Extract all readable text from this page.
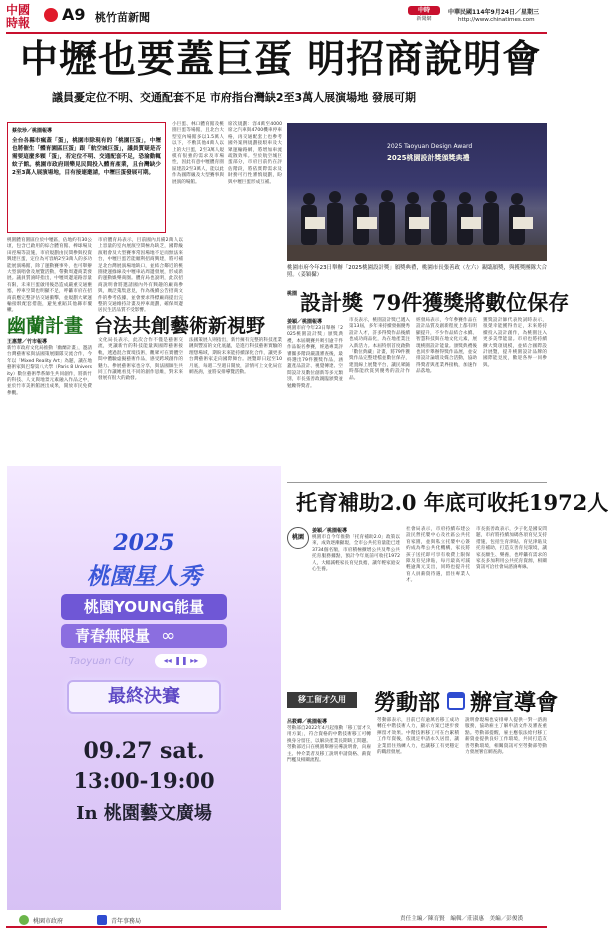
中國
時報	A9 桃竹苗新聞
中時
新聞網
中華民國114年9月24日／星期三
http://www.chinatimes.com
中壢也要蓋巨蛋 明招商說明會
議員憂定位不明、交通配套不足 市府指台灣缺2至3萬人展演場地 發展可期
蔡依珍／桃園報導
全台各縣市瘋蓋「蛋」，桃園市除現有的「桃園巨蛋」，中壢也將催生「體育園區巨蛋」跟「航空城巨蛋」，議員質疑是否需要這麼多顆「蛋」，若定位不明、交通配套不足，恐淪動輒蚊子館。桃園市政府則樂見民間投入體育產業，且台灣缺少2至3萬人展演場地，目有接連邀請，中壢巨蛋發展可期。
桃園體育園區位於中壢區，佔地約有30公頃，包含已啟用的綜合體育館、棒球場及田徑場等設施，市府規劃由民間參與投資興建巨蛋，定位為可容納2至3萬人的多功能展演場館，除了運動賽事外，也可舉辦大型演唱會及展覽活動，帶動周邊商業發展。議員質詢時指出，中壢周邊道路容量有限，未來巨蛋啟用後恐造成嚴重交通壅塞，停車空間也明顯不足，呼籲市府在招商前應完整評估交通衝擊，並規劃大眾運輸接駁配套措施，避免重蹈其他縣市覆轍。
市府體育局表示，目前國內具備2萬人以上容量的室內展演空間極為缺乏，國際級演唱會及大型賽事常因場地不足而無法來台，中壢巨蛋若能順利招商興建，將可補足北台灣展演場地缺口，並結合鄰近的桃園捷運綠線及中壢車站周邊發展，形成新的運動娛樂商圈。體育局也說明，此次招商說明會將邀請國內外有興趣的廠商參與，廣泛蒐集意見，作為後續公告招商文件的參考依據，並會要求得標廠商提出完整的交通維持計畫及停車規劃，確保周邊居民生活品質不受影響。
小巨蛋、林口體育館及桃園巨蛋等場館，且北台大型室內場館多以1.5萬人以下，不敷其他4萬人以上的大巨蛋，2至3萬人規模有很強的需求及市場性，因此有意中壢體育園區建設2至3萬人，能以此作為國際級及大型賽事與展演的場館。
席次規劃：容4萬至4000席之汽車與4700機車停車格，再交通配套上也參考國外案例規劃接駁車及大眾運輸路網，將增加車流疏散效率。至於航空城巨蛋部分，市府目前仍在評估階段，將依實際需求及財務可行性審慎規劃，盼與中壢巨蛋形成互補。
2025 Taoyuan Design Award
2025桃園設計獎頒獎典禮
桃園市府今年23日舉辦「2025桃園設計獎」頒獎典禮，桃園市長張善政（左六）親臨頒獎，與獲獎團隊大合照。（姜穎攝）
桃園 設計獎 79件獲獎將數位保存
姜穎／桃園報導
桃園市府今年23日舉辦「2025桃園設計獎」頒獎典禮，本屆競賽共吸引逾千件作品報名參賽，經過專業評審團多階段嚴謹審查後，最終選出79件獲獎作品，涵蓋產品設計、視覺傳達、空間設計及數位創新等多元類別，市長張善政親臨頒獎並勉勵得獎者。
市長表示，桃園設計獎已邁入第13屆，多年來持續發掘優秀設計人才，許多得獎作品後續也成功商品化，為在地產業注入新活力。本屆特別首度啟動「數位典藏」計畫，將79件獲獎作品完整建檔並數位保存，建置線上展覽平台，讓民眾隨時都能欣賞到優秀的設計作品。
經發局表示，今年參賽作品在設計品質及創新程度上都有明顯提升，不少作品結合永續、智慧科技與在地文化元素，展現桃園設計能量。頒獎典禮後也同步舉辦得獎作品展，並安排設計論壇及媒合活動，協助得獎者與產業界接軌，加速作品落地。
獲獎設計師代表致詞時表示，很榮幸能獲得肯定，未來將持續投入設計創作，為桃園注入更多美學能量。市府也將持續擴大獎項規模，並結合國際設計展覽，提升桃園設計品牌的國際能見度，歡迎各界一同參與。
幽蘭計畫 台法共創藝術新視野
王惠慧／竹市報導
新竹市政府文化局推動「幽蘭計畫」，邀請台灣藝術家與法國策展團隊交流合作，今年以「Mixed Reality Art」為題，讓在地藝術家與巴黎第八大學（Paris 8 University）數位藝術學系師生共同創作，將新竹的科技、人文與地景元素融入作品之中，並於竹市美術館展出成果，開放市民免費參觀。
文化局長表示，此次合作不僅是藝術交流，更讓新竹的科技能量與國際藝術接軌，透過混合實境技術，觀眾可在實體空間中體驗虛擬藝術作品，感受跨域創作的魅力。參展藝術家也分享，與法國師生共同工作讓她看見不同的創作思維，對未來發展有很大的啟發。
法國策展人則指出，新竹擁有完整的科技產業鏈與豐富的文化底蘊，是進行科技藝術實驗的理想場域，期盼未來能持續深化合作，讓更多台灣藝術家走向國際舞台。展覽即日起至10月底，每週二至週日開放，詳情可上文化局官網查詢，並將安排導覽活動。
2025
桃園星人秀
桃園YOUNG能量
青春無限量 ∞
Taoyuan City	◂◂ ❚❚ ▸▸
最終決賽
09.27 sat.
13:00-19:00
In 桃園藝文廣場
桃園市政府	青年事務局
托育補助2.0 年底可收托1972人
桃園
姜穎／桃園報導
桃園市自今年推動「托育補助2.0」政策以來，成效逐漸顯現，全市公共托育量能已達3734個名額，市府積極擴增公共及準公共托育服務據點，預計今年底前可收托1972人，大幅減輕家長育兒負擔，讓年輕家庭安心生養。
社會局表示，市府持續布建公設民營托嬰中心及社區公共托育家園，並與私立托嬰中心簽約成為準公共化機構，家長將孩子送托即可享有收費上限保障及育兒津貼，每月最高可減輕逾萬元支出，同時也提升托育人員薪資待遇，留住專業人才。
市長張善政表示，少子化是國安問題，市府將持續加碼各項育兒支持措施，包括生育津貼、育兒津貼及托育補助，打造友善育兒環境，讓家長願生、樂養，也呼籲有需求的家長多加利用公共托育資源，相關資訊可洽社會局諮詢專線。
移工留才久用	勞動部 辦宣導會
呂筱蟬／桃園報導
勞動部自2022年4月起推動「移工留才久用方案」，符合資格的中階技術移工可轉換身分留任，以解決產業長期缺工問題。勞動部近日在桃園舉辦宣導說明會，向雇主、仲介業者及移工說明申請資格、薪資門檻及相關流程。
勞動部表示，目前已有逾萬名移工成功轉任中階技術人力，顯示方案已逐步發揮留才效果。中階技術移工可在台累積工作年資後，依規定申請永久居留，讓企業留住熟練人力，也讓移工有更穩定的職涯發展。
說明會現場也安排專人提供一對一諮詢服務，協助雇主了解申請文件及審查重點。勞動部提醒，雇主應依法給付移工薪資並提供良好工作環境，共同打造友善勞動環境，相關資訊可至勞動部勞動力發展署官網查詢。
責任主編／陳育賢　編輯／莊淑惠　美編／彭俊漢
